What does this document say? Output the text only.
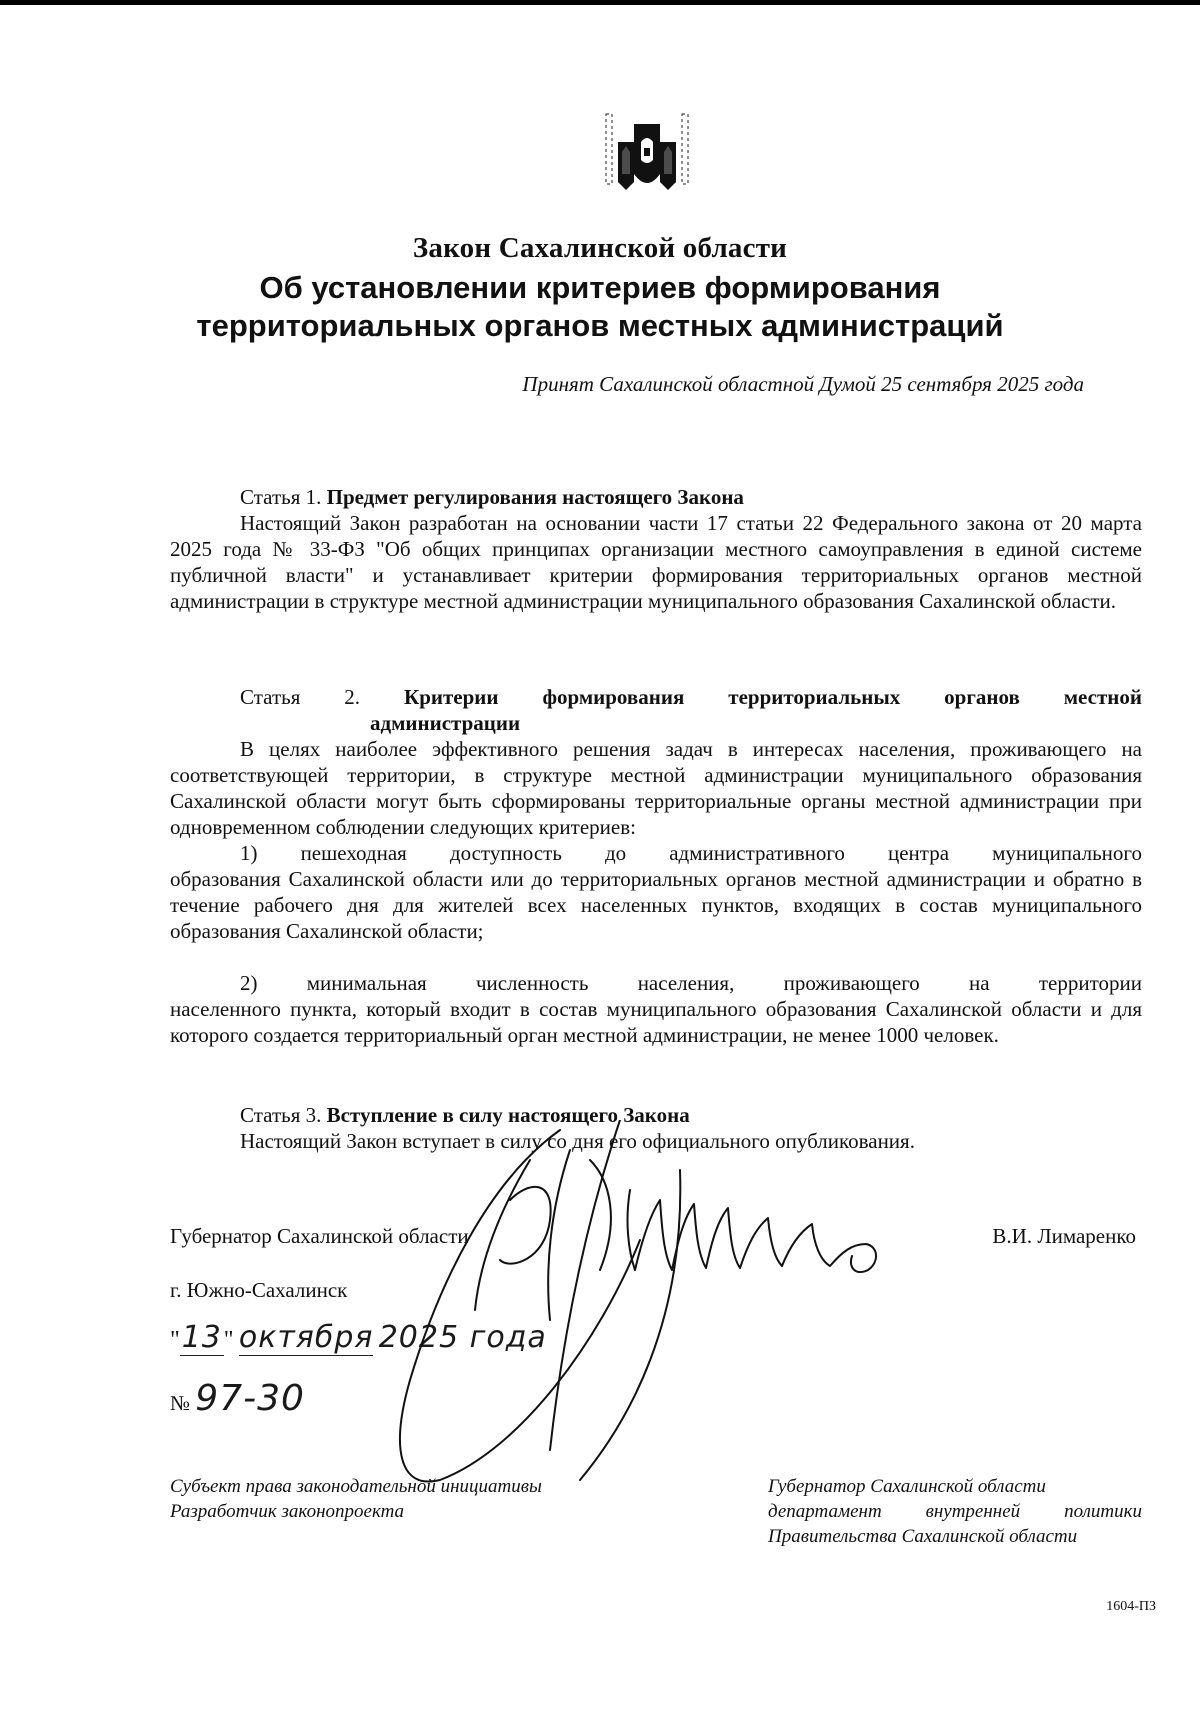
Закон Сахалинской области
Об установлении критериев формирования
территориальных органов местных администраций
Принят Сахалинской областной Думой 25 сентября 2025 года
Статья 1. Предмет регулирования настоящего Закона
Настоящий Закон разработан на основании части 17 статьи 22 Федерального закона от 20 марта 2025 года № 33-ФЗ "Об общих принципах организации местного самоуправления в единой системе публичной власти" и устанавливает критерии формирования территориальных органов местной администрации в структуре местной администрации муниципального образования Сахалинской области.
Статья 2. Критерии формирования территориальных органов местной
администрации
В целях наиболее эффективного решения задач в интересах населения, проживающего на соответствующей территории, в структуре местной администрации муниципального образования Сахалинской области могут быть сформированы территориальные органы местной администрации при одновременном соблюдении следующих критериев:
1) пешеходная доступность до административного центра муниципального
образования Сахалинской области или до территориальных органов местной администрации и обратно в течение рабочего дня для жителей всех населенных пунктов, входящих в состав муниципального образования Сахалинской области;
2) минимальная численность населения, проживающего на территории
населенного пункта, который входит в состав муниципального образования Сахалинской области и для которого создается территориальный орган местной администрации, не менее 1000 человек.
Статья 3. Вступление в силу настоящего Закона
Настоящий Закон вступает в силу со дня его официального опубликования.
Губернатор Сахалинской области	В.И. Лимаренко
г. Южно-Сахалинск
"13" октября 2025 года
№ 97-30
Субъект права законодательной инициативы
Разработчик законопроекта
Губернатор Сахалинской области
департамент внутренней политики
Правительства Сахалинской области
1604-ПЗ
